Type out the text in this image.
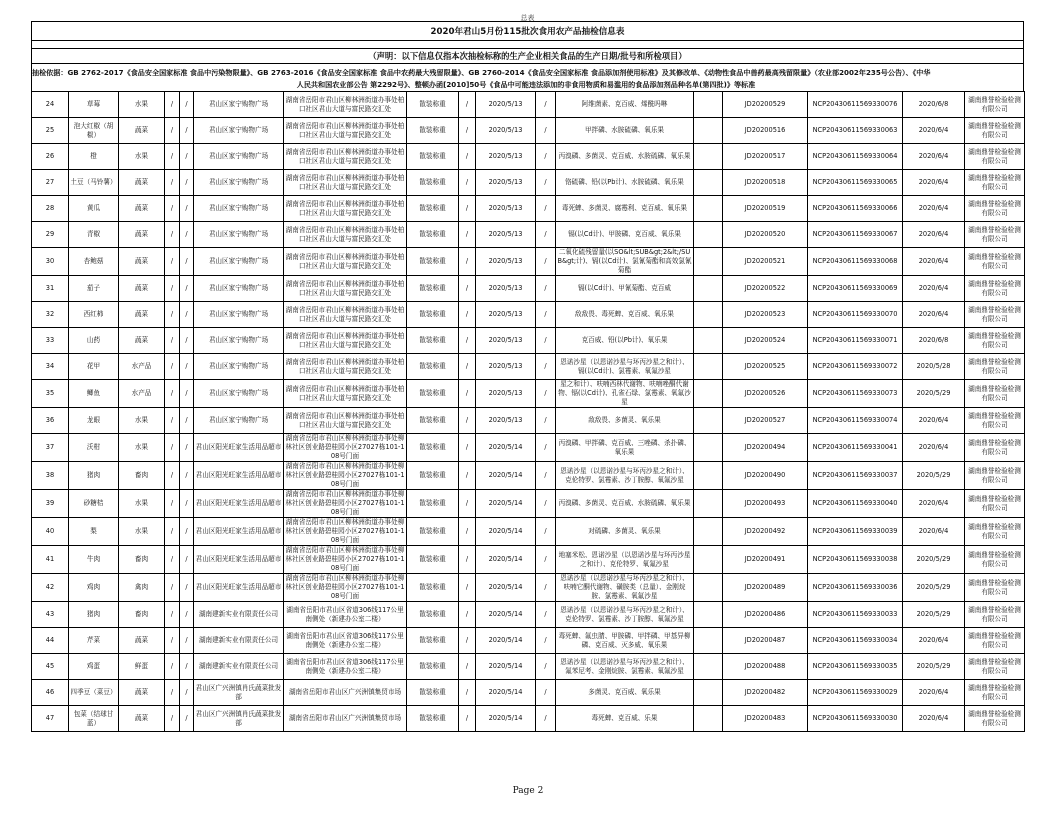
总表
2020年君山5月份115批次食用农产品抽检信息表
（声明：以下信息仅指本次抽检标称的生产企业相关食品的生产日期/批号和所检项目）
抽检依据：GB 2762-2017《食品安全国家标准 食品中污染物限量》、GB 2763-2016《食品安全国家标准 食品中农药最大残留限量》、GB 2760-2014《食品安全国家标准 食品添加剂使用标准》及其修改单、《动物性食品中兽药最高残留限量》（农业部2002年235号公告）、《中华
人民共和国农业部公告 第2292号》、整顿办函[2010]50号《食品中可能违法添加的非食用物质和易滥用的食品添加剂品种名单(第四批)》等标准
24	草莓	水果	/	/	君山区家宁购物广场	湖南省岳阳市君山区柳林洲街道办事处柏口社区君山大道与富民路交汇处	散装称重	/	2020/5/13	/	阿维菌素、克百威、烯酰吗啉		JD20200529	NCP20430611569330076	2020/6/8	湖南鼎誉检验检测有限公司
25	泡大红椒（胡椒）	蔬菜	/	/	君山区家宁购物广场	湖南省岳阳市君山区柳林洲街道办事处柏口社区君山大道与富民路交汇处	散装称重	/	2020/5/13	/	甲拌磷、水胺硫磷、氧乐果		JD20200516	NCP20430611569330063	2020/6/4	湖南鼎誉检验检测有限公司
26	橙	水果	/	/	君山区家宁购物广场	湖南省岳阳市君山区柳林洲街道办事处柏口社区君山大道与富民路交汇处	散装称重	/	2020/5/13	/	丙溴磷、多菌灵、克百威、水胺硫磷、氧乐果		JD20200517	NCP20430611569330064	2020/6/4	湖南鼎誉检验检测有限公司
27	土豆（马铃薯）	蔬菜	/	/	君山区家宁购物广场	湖南省岳阳市君山区柳林洲街道办事处柏口社区君山大道与富民路交汇处	散装称重	/	2020/5/13	/	铬硫磷、铅(以Pb计)、水胺硫磷、氧乐果		JD20200518	NCP20430611569330065	2020/6/4	湖南鼎誉检验检测有限公司
28	黄瓜	蔬菜	/	/	君山区家宁购物广场	湖南省岳阳市君山区柳林洲街道办事处柏口社区君山大道与富民路交汇处	散装称重	/	2020/5/13	/	毒死蜱、多菌灵、腐霉利、克百威、氧乐果		JD20200519	NCP20430611569330066	2020/6/4	湖南鼎誉检验检测有限公司
29	青椒	蔬菜	/	/	君山区家宁购物广场	湖南省岳阳市君山区柳林洲街道办事处柏口社区君山大道与富民路交汇处	散装称重	/	2020/5/13	/	镉(以Cd计)、甲胺磷、克百威、氧乐果		JD20200520	NCP20430611569330067	2020/6/4	湖南鼎誉检验检测有限公司
30	杏鲍菇	蔬菜	/	/	君山区家宁购物广场	湖南省岳阳市君山区柳林洲街道办事处柏口社区君山大道与富民路交汇处	散装称重	/	2020/5/13	/	二氧化硫残留量(以SO&lt;SUB&gt;2&lt;/SUB&gt;计)、镉(以Cd计)、氯氰菊酯和高效氯氰菊酯		JD20200521	NCP20430611569330068	2020/6/4	湖南鼎誉检验检测有限公司
31	茄子	蔬菜	/	/	君山区家宁购物广场	湖南省岳阳市君山区柳林洲街道办事处柏口社区君山大道与富民路交汇处	散装称重	/	2020/5/13	/	镉(以Cd计)、甲氰菊酯、克百威		JD20200522	NCP20430611569330069	2020/6/4	湖南鼎誉检验检测有限公司
32	西红柿	蔬菜	/	/	君山区家宁购物广场	湖南省岳阳市君山区柳林洲街道办事处柏口社区君山大道与富民路交汇处	散装称重	/	2020/5/13	/	敌敌畏、毒死蜱、克百威、氧乐果		JD20200523	NCP20430611569330070	2020/6/4	湖南鼎誉检验检测有限公司
33	山药	蔬菜	/	/	君山区家宁购物广场	湖南省岳阳市君山区柳林洲街道办事处柏口社区君山大道与富民路交汇处	散装称重	/	2020/5/13	/	克百威、铅(以Pb计)、氧乐果		JD20200524	NCP20430611569330071	2020/6/8	湖南鼎誉检验检测有限公司
34	花甲	水产品	/	/	君山区家宁购物广场	湖南省岳阳市君山区柳林洲街道办事处柏口社区君山大道与富民路交汇处	散装称重	/	2020/5/13	/	恩诺沙星（以恩诺沙星与环丙沙星之和计）、镉(以Cd计)、氯霉素、氧氟沙星		JD20200525	NCP20430611569330072	2020/5/28	湖南鼎誉检验检测有限公司
35	鲫鱼	水产品	/	/	君山区家宁购物广场	湖南省岳阳市君山区柳林洲街道办事处柏口社区君山大道与富民路交汇处	散装称重	/	2020/5/13	/	星之和计）、呋喃西林代谢物、呋喃唑酮代谢物、镉(以Cd计)、孔雀石绿、氯霉素、氧氟沙星		JD20200526	NCP20430611569330073	2020/5/29	湖南鼎誉检验检测有限公司
36	龙眼	水果	/	/	君山区家宁购物广场	湖南省岳阳市君山区柳林洲街道办事处柏口社区君山大道与富民路交汇处	散装称重	/	2020/5/13	/	敌敌畏、多菌灵、氧乐果		JD20200527	NCP20430611569330074	2020/6/4	湖南鼎誉检验检测有限公司
37	沃柑	水果	/	/	君山区阳光旺家生活用品超市	湖南省岳阳市君山区柳林洲街道办事处柳林社区创业路碧桂园小区27027栋101-108号门面	散装称重	/	2020/5/14	/	丙溴磷、甲拌磷、克百威、三唑磷、杀扑磷、氧乐果		JD20200494	NCP20430611569330041	2020/6/4	湖南鼎誉检验检测有限公司
38	猪肉	畜肉	/	/	君山区阳光旺家生活用品超市	湖南省岳阳市君山区柳林洲街道办事处柳林社区创业路碧桂园小区27027栋101-108号门面	散装称重	/	2020/5/14	/	恩诺沙星（以恩诺沙星与环丙沙星之和计）、克伦特罗、氯霉素、沙丁胺醇、氧氟沙星		JD20200490	NCP20430611569330037	2020/5/29	湖南鼎誉检验检测有限公司
39	砂糖桔	水果	/	/	君山区阳光旺家生活用品超市	湖南省岳阳市君山区柳林洲街道办事处柳林社区创业路碧桂园小区27027栋101-108号门面	散装称重	/	2020/5/14	/	丙溴磷、多菌灵、克百威、水胺硫磷、氧乐果		JD20200493	NCP20430611569330040	2020/6/4	湖南鼎誉检验检测有限公司
40	梨	水果	/	/	君山区阳光旺家生活用品超市	湖南省岳阳市君山区柳林洲街道办事处柳林社区创业路碧桂园小区27027栋101-108号门面	散装称重	/	2020/5/14	/	对硫磷、多菌灵、氧乐果		JD20200492	NCP20430611569330039	2020/6/4	湖南鼎誉检验检测有限公司
41	牛肉	畜肉	/	/	君山区阳光旺家生活用品超市	湖南省岳阳市君山区柳林洲街道办事处柳林社区创业路碧桂园小区27027栋101-108号门面	散装称重	/	2020/5/14	/	地塞米松、恩诺沙星（以恩诺沙星与环丙沙星之和计）、克伦特罗、氧氟沙星		JD20200491	NCP20430611569330038	2020/5/29	湖南鼎誉检验检测有限公司
42	鸡肉	禽肉	/	/	君山区阳光旺家生活用品超市	湖南省岳阳市君山区柳林洲街道办事处柳林社区创业路碧桂园小区27027栋101-108号门面	散装称重	/	2020/5/14	/	恩诺沙星（以恩诺沙星与环丙沙星之和计）、呋喃它酮代谢物、磺胺类（总量）、金刚烷胺、氯霉素、氧氟沙星		JD20200489	NCP20430611569330036	2020/5/29	湖南鼎誉检验检测有限公司
43	猪肉	畜肉	/	/	湖南建新实业有限责任公司	湖南省岳阳市君山区省道306线117公里南侧处（新建办公室二楼）	散装称重	/	2020/5/14	/	恩诺沙星（以恩诺沙星与环丙沙星之和计）、克伦特罗、氯霉素、沙丁胺醇、氧氟沙星		JD20200486	NCP20430611569330033	2020/5/29	湖南鼎誉检验检测有限公司
44	芹菜	蔬菜	/	/	湖南建新实业有限责任公司	湖南省岳阳市君山区省道306线117公里南侧处（新建办公室二楼）	散装称重	/	2020/5/14	/	毒死蜱、氟虫腈、甲胺磷、甲拌磷、甲基异柳磷、克百威、灭多威、氧乐果		JD20200487	NCP20430611569330034	2020/6/4	湖南鼎誉检验检测有限公司
45	鸡蛋	鲜蛋	/	/	湖南建新实业有限责任公司	湖南省岳阳市君山区省道306线117公里南侧处（新建办公室二楼）	散装称重	/	2020/5/14	/	恩诺沙星（以恩诺沙星与环丙沙星之和计）、氟苯尼考、金刚烷胺、氯霉素、氧氟沙星		JD20200488	NCP20430611569330035	2020/5/29	湖南鼎誉检验检测有限公司
46	四季豆（菜豆）	蔬菜	/	/	君山区广兴洲镇肖氏蔬菜批发部	湖南省岳阳市君山区广兴洲镇集贸市场	散装称重	/	2020/5/14	/	多菌灵、克百威、氧乐果		JD20200482	NCP20430611569330029	2020/6/4	湖南鼎誉检验检测有限公司
47	包菜（结球甘蓝）	蔬菜	/	/	君山区广兴洲镇肖氏蔬菜批发部	湖南省岳阳市君山区广兴洲镇集贸市场	散装称重	/	2020/5/14	/	毒死蜱、克百威、乐果		JD20200483	NCP20430611569330030	2020/6/4	湖南鼎誉检验检测有限公司
Page 2
